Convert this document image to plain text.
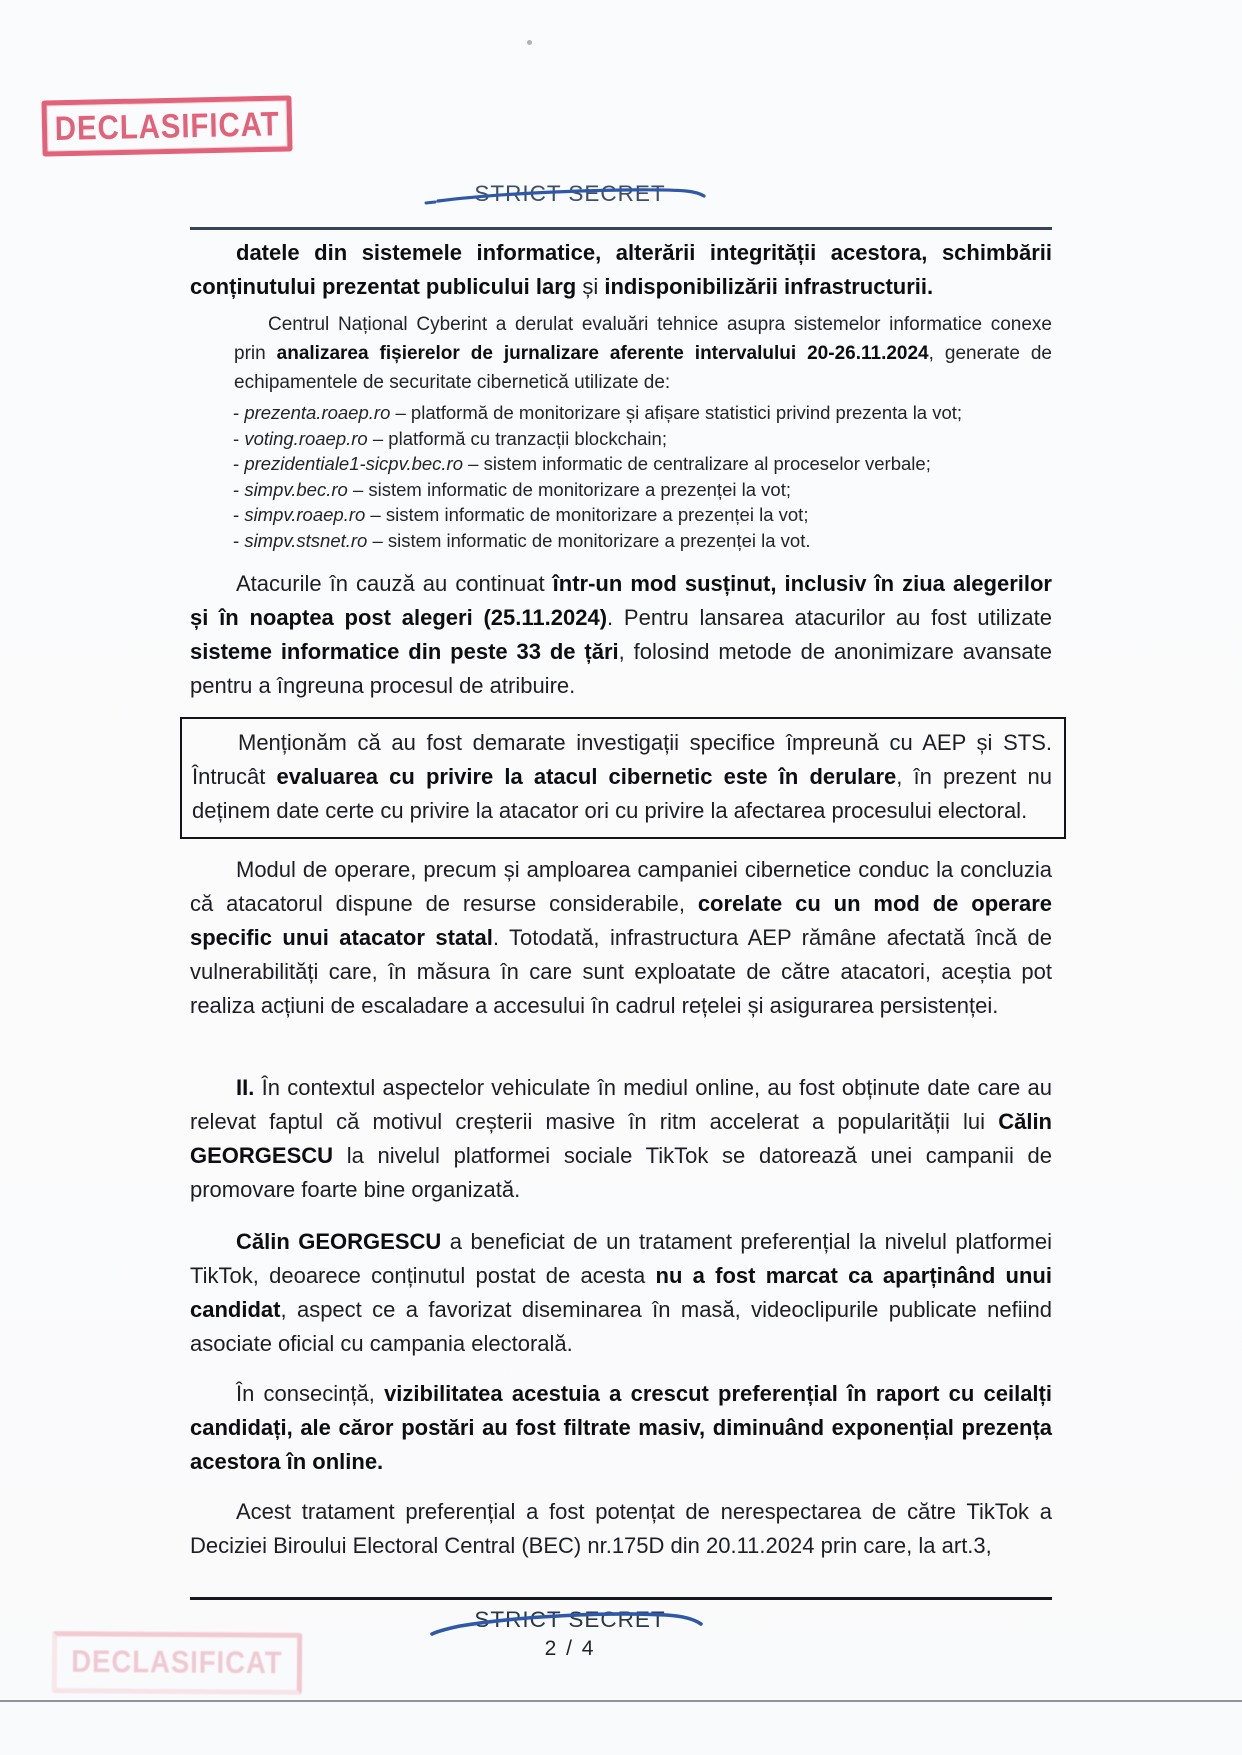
DECLASIFICAT
STRICT SECRET

datele din sistemele informatice, alterării integrității acestora, schimbării conținutului prezentat publicului larg și indisponibilizării infrastructurii.

Centrul Național Cyberint a derulat evaluări tehnice asupra sistemelor informatice conexe prin analizarea fișierelor de jurnalizare aferente intervalului 20-26.11.2024, generate de echipamentele de securitate cibernetică utilizate de:

- prezenta.roaep.ro – platformă de monitorizare și afișare statistici privind prezenta la vot;
- voting.roaep.ro – platformă cu tranzacții blockchain;
- prezidentiale1-sicpv.bec.ro – sistem informatic de centralizare al proceselor verbale;
- simpv.bec.ro – sistem informatic de monitorizare a prezenței la vot;
- simpv.roaep.ro – sistem informatic de monitorizare a prezenței la vot;
- simpv.stsnet.ro – sistem informatic de monitorizare a prezenței la vot.

Atacurile în cauză au continuat într-un mod susținut, inclusiv în ziua alegerilor și în noaptea post alegeri (25.11.2024). Pentru lansarea atacurilor au fost utilizate sisteme informatice din peste 33 de țări, folosind metode de anonimizare avansate pentru a îngreuna procesul de atribuire.

Menționăm că au fost demarate investigații specifice împreună cu AEP și STS. Întrucât evaluarea cu privire la atacul cibernetic este în derulare, în prezent nu deținem date certe cu privire la atacator ori cu privire la afectarea procesului electoral.

Modul de operare, precum și amploarea campaniei cibernetice conduc la concluzia că atacatorul dispune de resurse considerabile, corelate cu un mod de operare specific unui atacator statal. Totodată, infrastructura AEP rămâne afectată încă de vulnerabilități care, în măsura în care sunt exploatate de către atacatori, aceștia pot realiza acțiuni de escaladare a accesului în cadrul rețelei și asigurarea persistenței.

II. În contextul aspectelor vehiculate în mediul online, au fost obținute date care au relevat faptul că motivul creșterii masive în ritm accelerat a popularității lui Călin GEORGESCU la nivelul platformei sociale TikTok se datorează unei campanii de promovare foarte bine organizată.

Călin GEORGESCU a beneficiat de un tratament preferențial la nivelul platformei TikTok, deoarece conținutul postat de acesta nu a fost marcat ca aparținând unui candidat, aspect ce a favorizat diseminarea în masă, videoclipurile publicate nefiind asociate oficial cu campania electorală.

În consecință, vizibilitatea acestuia a crescut preferențial în raport cu ceilalți candidați, ale căror postări au fost filtrate masiv, diminuând exponențial prezența acestora în online.

Acest tratament preferențial a fost potențat de nerespectarea de către TikTok a Deciziei Biroului Electoral Central (BEC) nr.175D din 20.11.2024 prin care, la art.3,

STRICT SECRET
2 / 4
DECLASIFICAT
